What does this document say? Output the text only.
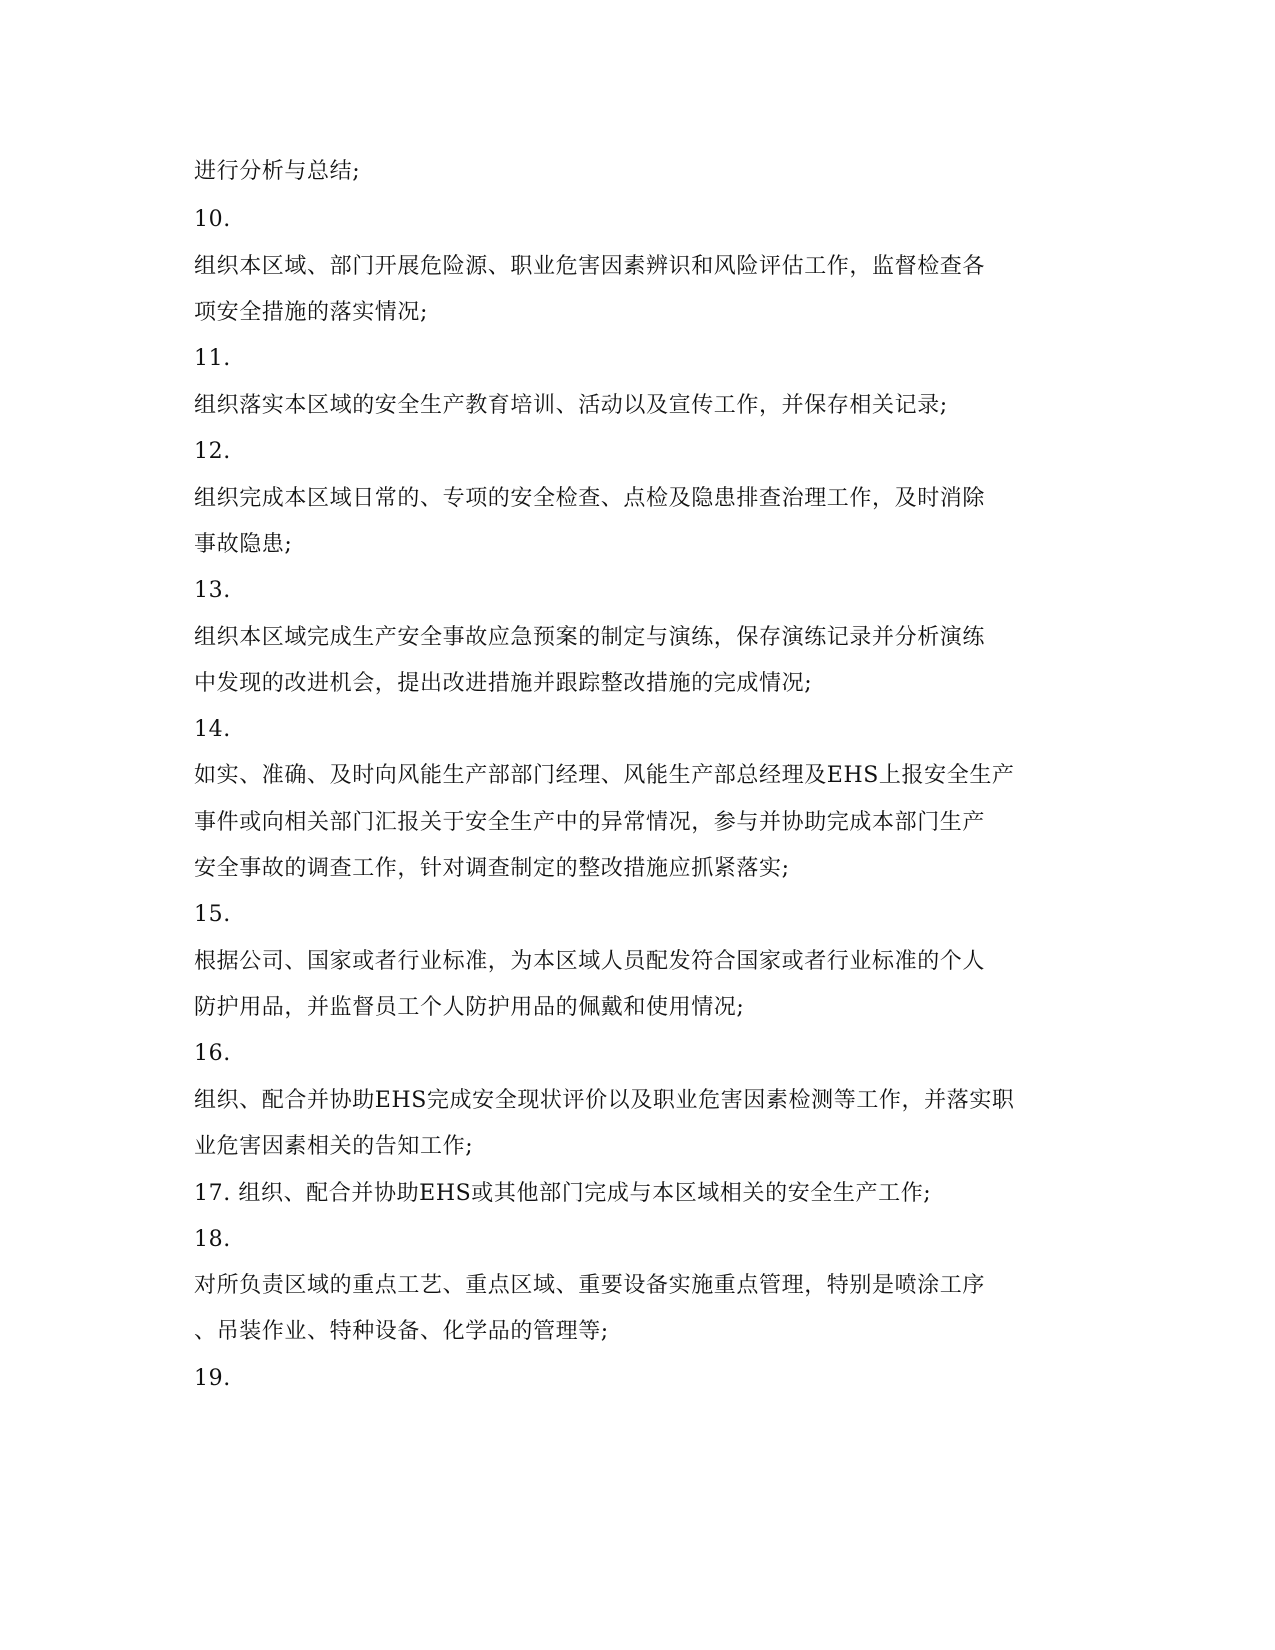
进行分析与总结;

10.

组织本区域、部门开展危险源、职业危害因素辨识和风险评估工作，监督检查各

项安全措施的落实情况;

11.

组织落实本区域的安全生产教育培训、活动以及宣传工作，并保存相关记录;

12.

组织完成本区域日常的、专项的安全检查、点检及隐患排查治理工作，及时消除

事故隐患;

13.

组织本区域完成生产安全事故应急预案的制定与演练，保存演练记录并分析演练

中发现的改进机会，提出改进措施并跟踪整改措施的完成情况;

14.

如实、准确、及时向风能生产部部门经理、风能生产部总经理及EHS上报安全生产

事件或向相关部门汇报关于安全生产中的异常情况，参与并协助完成本部门生产

安全事故的调查工作，针对调查制定的整改措施应抓紧落实;

15.

根据公司、国家或者行业标准，为本区域人员配发符合国家或者行业标准的个人

防护用品，并监督员工个人防护用品的佩戴和使用情况;

16.

组织、配合并协助EHS完成安全现状评价以及职业危害因素检测等工作，并落实职

业危害因素相关的告知工作;

17. 组织、配合并协助EHS或其他部门完成与本区域相关的安全生产工作;

18.

对所负责区域的重点工艺、重点区域、重要设备实施重点管理，特别是喷涂工序

、吊装作业、特种设备、化学品的管理等;

19.
